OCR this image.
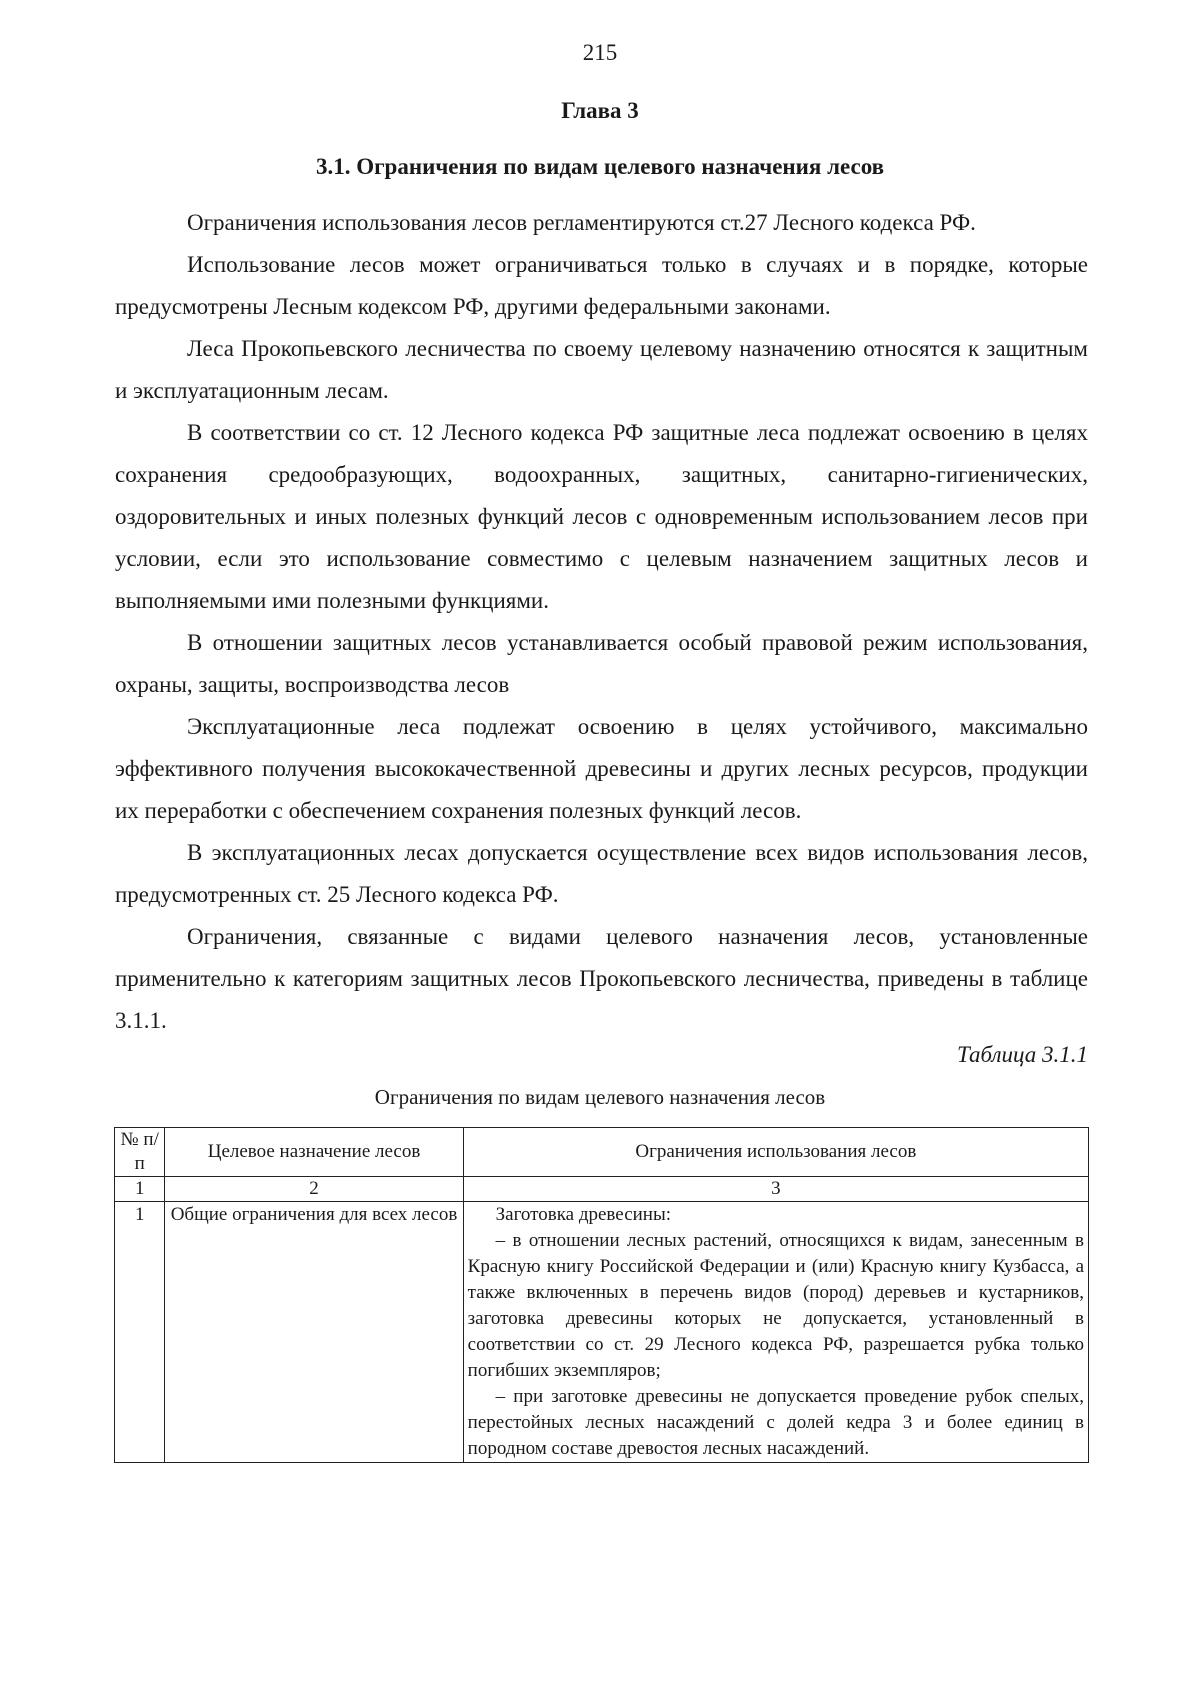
215
Глава 3
3.1. Ограничения по видам целевого назначения лесов

Ограничения использования лесов регламентируются ст.27 Лесного кодекса РФ.

Использование лесов может ограничиваться только в случаях и в порядке, которые предусмотрены Лесным кодексом РФ, другими федеральными законами.

Леса Прокопьевского лесничества по своему целевому назначению относятся к защитным и эксплуатационным лесам.

В соответствии со ст. 12 Лесного кодекса РФ защитные леса подлежат освоению в целях сохранения средообразующих, водоохранных, защитных, санитарно-гигиенических, оздоровительных и иных полезных функций лесов с одновременным использованием лесов при условии, если это использование совместимо с целевым назначением защитных лесов и выполняемыми ими полезными функциями.

В отношении защитных лесов устанавливается особый правовой режим использования, охраны, защиты, воспроизводства лесов

Эксплуатационные леса подлежат освоению в целях устойчивого, максимально эффективного получения высококачественной древесины и других лесных ресурсов, продукции их переработки с обеспечением сохранения полезных функций лесов.

В эксплуатационных лесах допускается осуществление всех видов использования лесов, предусмотренных ст. 25 Лесного кодекса РФ.

Ограничения, связанные с видами целевого назначения лесов, установленные применительно к категориям защитных лесов Прокопьевского лесничества, приведены в таблице 3.1.1.

Таблица 3.1.1
Ограничения по видам целевого назначения лесов
№ п/п	Целевое назначение лесов	Ограничения использования лесов
1	2	3
1	Общие ограничения для всех лесов	Заготовка древесины:
– в отношении лесных растений, относящихся к видам, занесенным в Красную книгу Российской Федерации и (или) Красную книгу Кузбасса, а также включенных в перечень видов (пород) деревьев и кустарников, заготовка древесины которых не допускается, установленный в соответствии со ст. 29 Лесного кодекса РФ, разрешается рубка только погибших экземпляров;
– при заготовке древесины не допускается проведение рубок спелых, перестойных лесных насаждений с долей кедра 3 и более единиц в породном составе древостоя лесных насаждений.
